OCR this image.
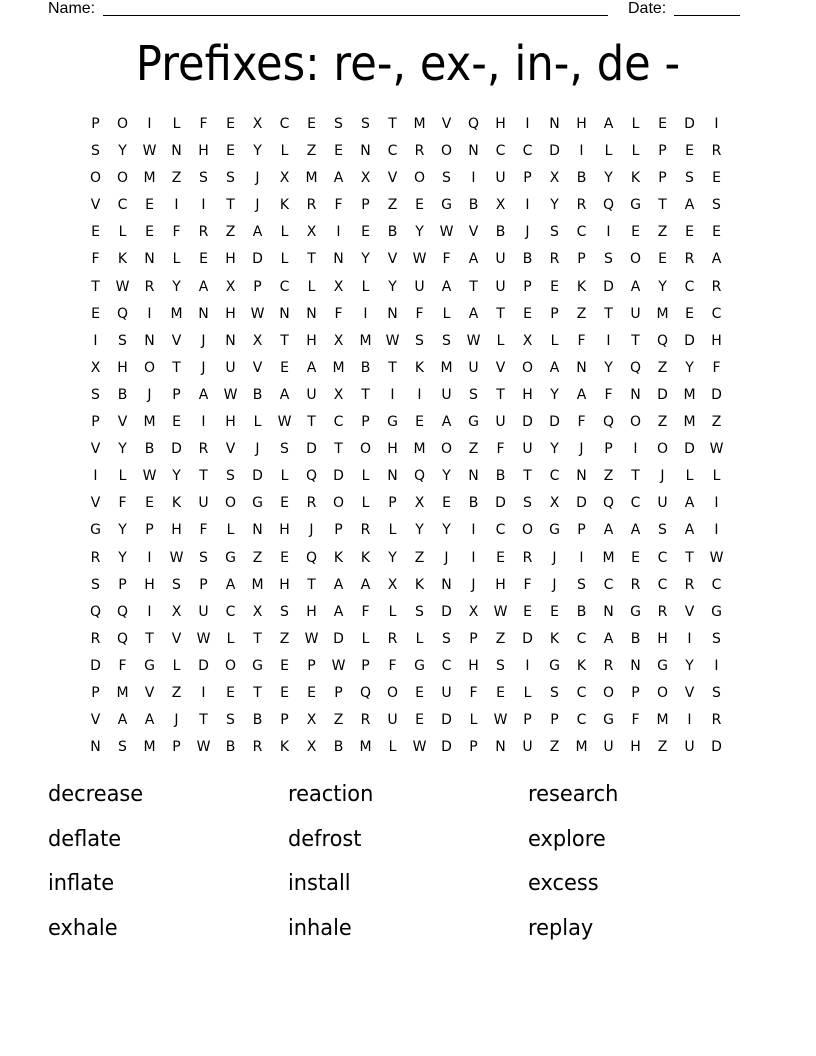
Name:	Date:
Prefixes: re-, ex-, in-, de -
P	O	I	L	F	E	X	C	E	S	S	T	M	V	Q	H	I	N	H	A	L	E	D	I
S	Y	W	N	H	E	Y	L	Z	E	N	C	R	O	N	C	C	D	I	L	L	P	E	R
O	O	M	Z	S	S	J	X	M	A	X	V	O	S	I	U	P	X	B	Y	K	P	S	E
V	C	E	I	I	T	J	K	R	F	P	Z	E	G	B	X	I	Y	R	Q	G	T	A	S
E	L	E	F	R	Z	A	L	X	I	E	B	Y	W	V	B	J	S	C	I	E	Z	E	E
F	K	N	L	E	H	D	L	T	N	Y	V	W	F	A	U	B	R	P	S	O	E	R	A
T	W	R	Y	A	X	P	C	L	X	L	Y	U	A	T	U	P	E	K	D	A	Y	C	R
E	Q	I	M	N	H	W	N	N	F	I	N	F	L	A	T	E	P	Z	T	U	M	E	C
I	S	N	V	J	N	X	T	H	X	M	W	S	S	W	L	X	L	F	I	T	Q	D	H
X	H	O	T	J	U	V	E	A	M	B	T	K	M	U	V	O	A	N	Y	Q	Z	Y	F
S	B	J	P	A	W	B	A	U	X	T	I	I	U	S	T	H	Y	A	F	N	D	M	D
P	V	M	E	I	H	L	W	T	C	P	G	E	A	G	U	D	D	F	Q	O	Z	M	Z
V	Y	B	D	R	V	J	S	D	T	O	H	M	O	Z	F	U	Y	J	P	I	O	D	W
I	L	W	Y	T	S	D	L	Q	D	L	N	Q	Y	N	B	T	C	N	Z	T	J	L	L
V	F	E	K	U	O	G	E	R	O	L	P	X	E	B	D	S	X	D	Q	C	U	A	I
G	Y	P	H	F	L	N	H	J	P	R	L	Y	Y	I	C	O	G	P	A	A	S	A	I
R	Y	I	W	S	G	Z	E	Q	K	K	Y	Z	J	I	E	R	J	I	M	E	C	T	W
S	P	H	S	P	A	M	H	T	A	A	X	K	N	J	H	F	J	S	C	R	C	R	C
Q	Q	I	X	U	C	X	S	H	A	F	L	S	D	X	W	E	E	B	N	G	R	V	G
R	Q	T	V	W	L	T	Z	W	D	L	R	L	S	P	Z	D	K	C	A	B	H	I	S
D	F	G	L	D	O	G	E	P	W	P	F	G	C	H	S	I	G	K	R	N	G	Y	I
P	M	V	Z	I	E	T	E	E	P	Q	O	E	U	F	E	L	S	C	O	P	O	V	S
V	A	A	J	T	S	B	P	X	Z	R	U	E	D	L	W	P	P	C	G	F	M	I	R
N	S	M	P	W	B	R	K	X	B	M	L	W	D	P	N	U	Z	M	U	H	Z	U	D
decrease	reaction	research
deflate	defrost	explore
inflate	install	excess
exhale	inhale	replay
